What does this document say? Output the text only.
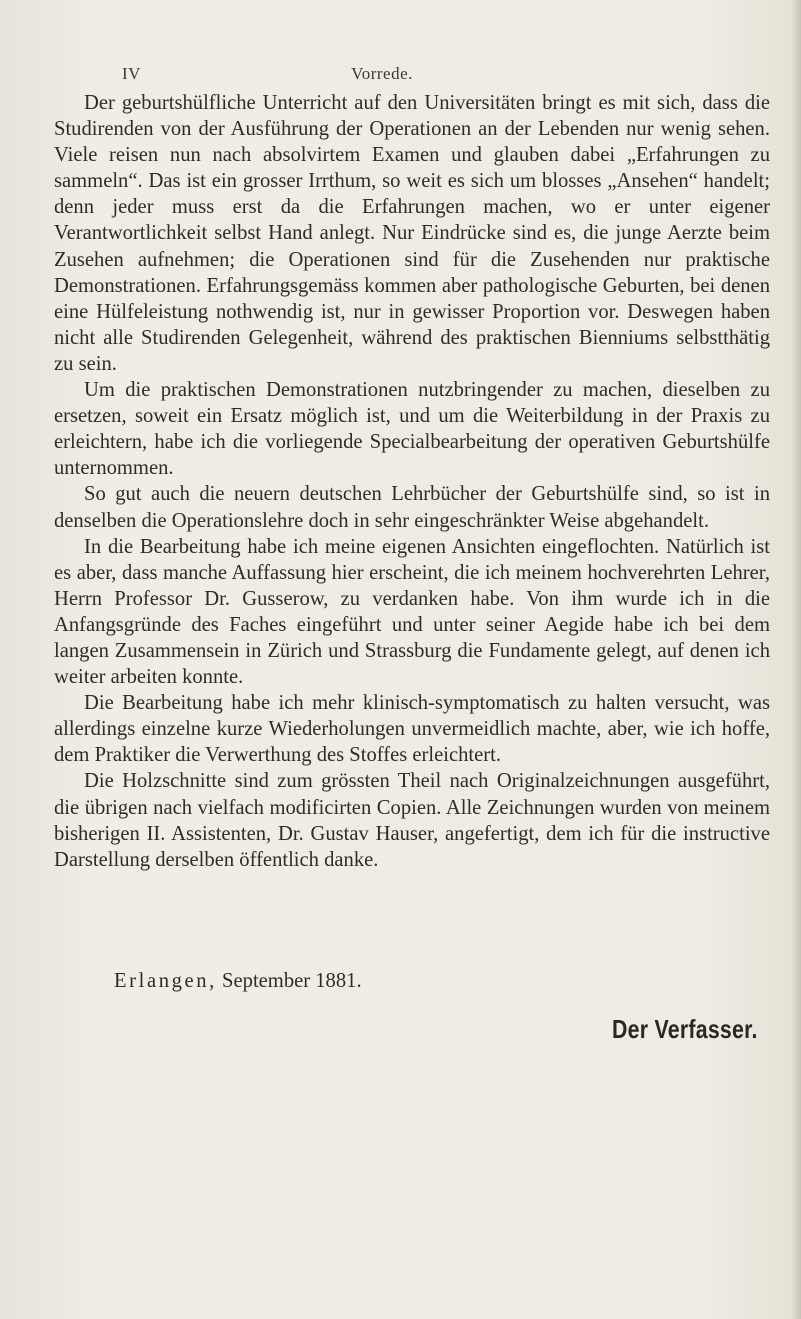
IV	Vorrede.

Der geburtshülfliche Unterricht auf den Universitäten bringt es mit sich, dass die Studirenden von der Ausführung der Operationen an der Lebenden nur wenig sehen. Viele reisen nun nach absolvirtem Examen und glauben dabei „Erfahrungen zu sammeln“. Das ist ein grosser Irrthum, so weit es sich um blosses „Ansehen“ handelt; denn jeder muss erst da die Erfahrungen machen, wo er unter eigener Verantwortlichkeit selbst Hand anlegt. Nur Eindrücke sind es, die junge Aerzte beim Zusehen aufnehmen; die Operationen sind für die Zusehenden nur praktische Demonstrationen. Erfahrungsgemäss kommen aber pathologische Geburten, bei denen eine Hülfeleistung nothwendig ist, nur in gewisser Proportion vor. Deswegen haben nicht alle Studirenden Gelegenheit, während des praktischen Bienniums selbstthätig zu sein.

Um die praktischen Demonstrationen nutzbringender zu machen, dieselben zu ersetzen, soweit ein Ersatz möglich ist, und um die Weiterbildung in der Praxis zu erleichtern, habe ich die vorliegende Specialbearbeitung der operativen Geburtshülfe unternommen.

So gut auch die neuern deutschen Lehrbücher der Geburtshülfe sind, so ist in denselben die Operationslehre doch in sehr eingeschränkter Weise abgehandelt.

In die Bearbeitung habe ich meine eigenen Ansichten eingeflochten. Natürlich ist es aber, dass manche Auffassung hier erscheint, die ich meinem hochverehrten Lehrer, Herrn Professor Dr. Gusserow, zu verdanken habe. Von ihm wurde ich in die Anfangsgründe des Faches eingeführt und unter seiner Aegide habe ich bei dem langen Zusammensein in Zürich und Strassburg die Fundamente gelegt, auf denen ich weiter arbeiten konnte.

Die Bearbeitung habe ich mehr klinisch-symptomatisch zu halten versucht, was allerdings einzelne kurze Wiederholungen unvermeidlich machte, aber, wie ich hoffe, dem Praktiker die Verwerthung des Stoffes erleichtert.

Die Holzschnitte sind zum grössten Theil nach Originalzeichnungen ausgeführt, die übrigen nach vielfach modificirten Copien. Alle Zeichnungen wurden von meinem bisherigen II. Assistenten, Dr. Gustav Hauser, angefertigt, dem ich für die instructive Darstellung derselben öffentlich danke.

Erlangen, September 1881.
Der Verfasser.
